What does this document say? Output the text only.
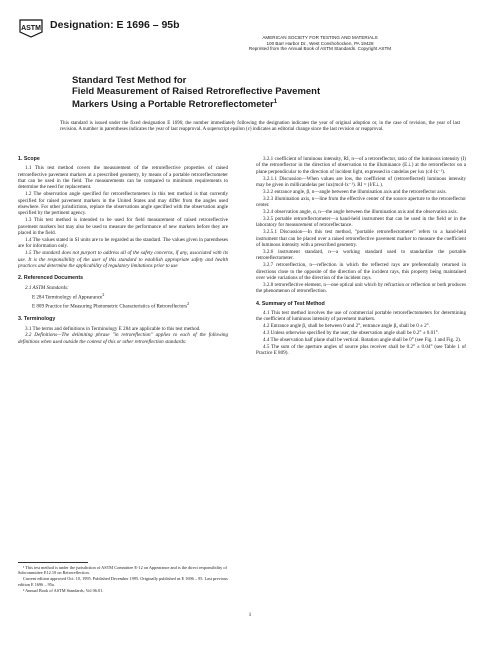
ASTM Designation: E 1696 – 95b
AMERICAN SOCIETY FOR TESTING AND MATERIALS
100 Barr Harbor Dr., West Conshohocken, PA 19428
Reprinted from the Annual Book of ASTM Standards. Copyright ASTM
Standard Test Method for
Field Measurement of Raised Retroreflective Pavement
Markers Using a Portable Retroreflectometer$^1$
This standard is issued under the fixed designation E 1696; the number immediately following the designation indicates the year of original adoption or, in the case of revision, the year of last revision. A number in parentheses indicates the year of last reapproval. A superscript epsilon (ε) indicates an editorial change since the last revision or reapproval.
1. Scope

1.1 This test method covers the measurement of the retroreflective properties of raised retroreflective pavement markers at a prescribed geometry, by means of a portable retroreflectometer that can be used in the field. The measurements can be compared to minimum requirements to determine the need for replacement.

1.2 The observation angle specified for retroreflectometers in this test method is that currently specified for raised pavement markers in the United States and may differ from the angles used elsewhere. For other jurisdictions, replace the observations angle specified with the observation angle specified by the pertinent agency.

1.3 This test method is intended to be used for field measurement of raised retroreflective pavement markers but may also be used to measure the performance of new markers before they are placed in the field.

1.4 The values stated in SI units are to be regarded as the standard. The values given in parentheses are for information only.

1.5 The standard does not purport to address all of the safety concerns, if any, associated with its use. It is the responsibility of the user of this standard to establish appropriate safety and health practices and determine the applicability of regulatory limitations prior to use

2. Referenced Documents

2.1 ASTM Standards:

E 284 Terminology of Appearance$^2$

E 809 Practice for Measuring Photometric Characteristics of Retroreflectors$^2$

3. Terminology

3.1 The terms and definitions in Terminology E 284 are applicable to this test method.

3.2 Definitions—The delimiting phrase "in retroreflection" applies to each of the following definitions when used outside the context of this or other retroreflection standards:

3.2.1 coefficient of luminous intensity, RI, n—of a retroreflector, ratio of the luminous intensity (I) of the retroreflector in the direction of observation to the illuminance (E⊥) at the retroreflector on a plane perpendicular to the direction of incident light, expressed in candelas per lux (cd·lx⁻¹).

3.2.1.1 Discussion—When values are low, the coefficient of (retroreflected) luminous intensity may be given in millicandelas per lux(mcd·lx⁻¹). RI = (I/E⊥).

3.2.2 entrance angle, β, n—angle between the illumination axis and the retroreflector axis.

3.2.3 illumination axis, n—line from the effective center of the source aperture to the retroreflector center.

3.2.4 observation angle, α, n—the angle between the illumination axis and the observation axis.

3.2.5 portable retroreflectometer—a hand-held instrument that can be used in the field or in the laboratory for measurement of retroreflectance.

3.2.5.1 Discussion—In this test method, "portable retroreflectometer" refers to a hand-held instrument that can be placed over a raised retroreflective pavement marker to measure the coefficient of luminous intensity with a prescribed geometry.

3.2.6 instrument standard, n—a working standard used to standardize the portable retroreflectometer.

3.2.7 retroreflection, n—reflection in which the reflected rays are preferentially returned in directions close to the opposite of the direction of the incident rays, this property being maintained over wide variations of the direction of the incident rays.

3.2.8 retroreflective element, n—one optical unit which by refraction or reflection or both produces the phenomenon of retroreflection.

4. Summary of Test Method

4.1 This test method involves the use of commercial portable retroreflectometers for determining the coefficient of luminous intensity of pavement markers.

4.2 Entrance angle β₁ shall be between 0 and 2°, entrance angle β₂ shall be 0 ± 2°.

4.3 Unless otherwise specified by the user, the observation angle shall be 0.2° ± 0.01°.

4.4 The observation half plane shall be vertical. Rotation angle shall be 0° (see Fig. 1 and Fig. 2).

4.5 The sum of the aperture angles of source plus receiver shall be 0.2° ± 0.04° (see Table 1 of Practice E 809).

¹ This test method is under the jurisdiction of ASTM Committee E-12 on Appearance and is the direct responsibility of Subcommittee E12.10 on Retroreflection.

Current edition approved Oct. 10, 1995. Published December 1995. Originally published as E 1696 – 95. Last previous edition E 1696 – 95a.

² Annual Book of ASTM Standards, Vol 06.01.

1
